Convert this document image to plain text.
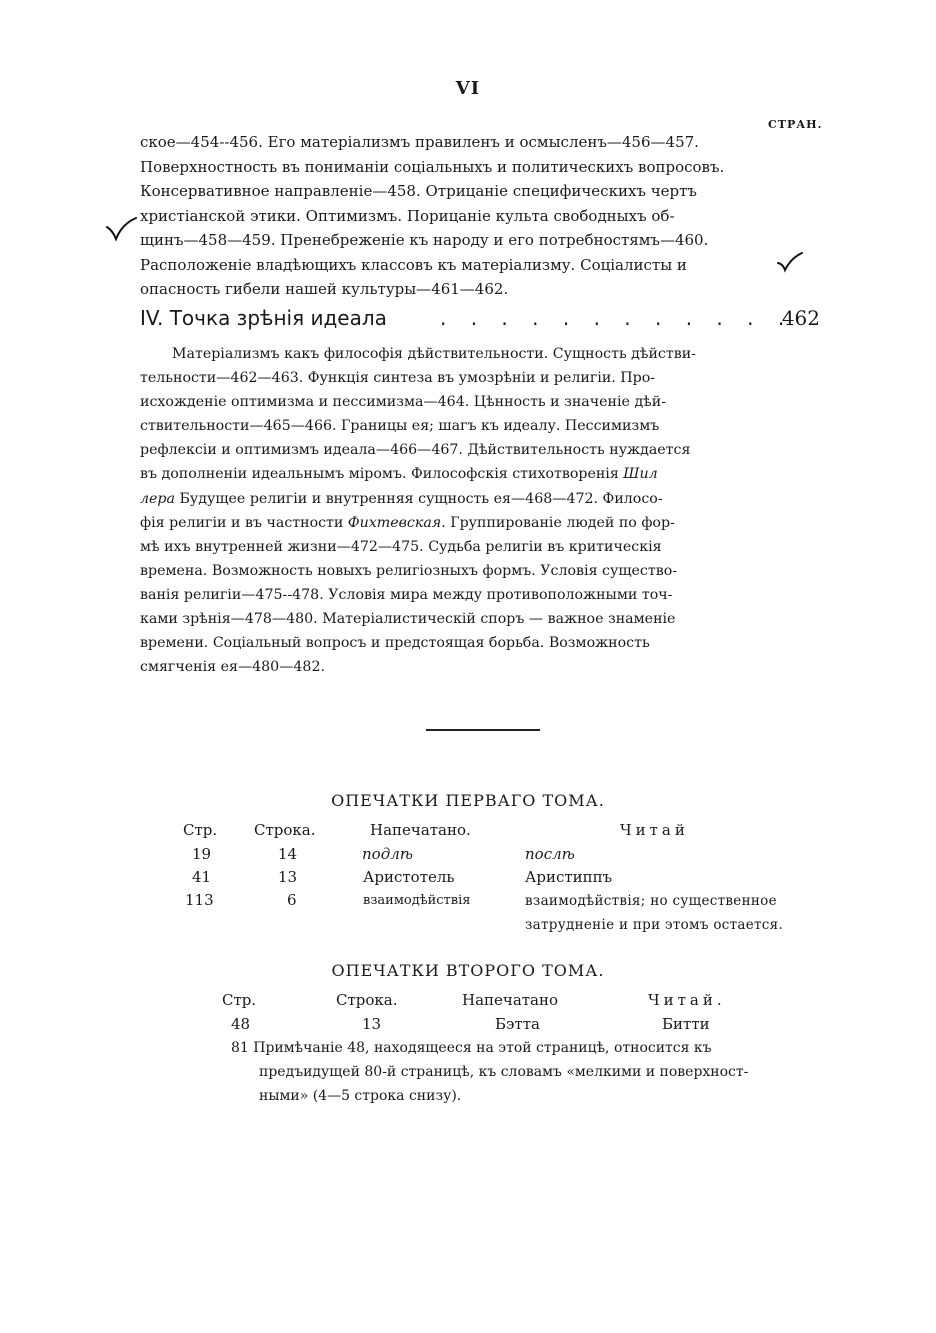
VI
СТРАН.
ское—454--456. Его матеріализмъ правиленъ и осмысленъ—456—457.
Поверхностность въ пониманіи соціальныхъ и политическихъ вопросовъ.
Консервативное направленіе—458. Отрицаніе специфическихъ чертъ
христіанской этики. Оптимизмъ. Порицаніе культа свободныхъ об-
щинъ—458—459. Пренебреженіе къ народу и его потребностямъ—460.
Расположеніе владѣющихъ классовъ къ матеріализму. Соціалисты и
опасность гибели нашей культуры—461—462.
IV. Точка зрѣнія идеала	. . . . . . . . . . . .
462
Матеріализмъ какъ философія дѣйствительности. Сущность дѣйстви-
тельности—462—463. Функція синтеза въ умозрѣніи и религіи. Про-
исхожденіе оптимизма и пессимизма—464. Цѣнность и значеніе дѣй-
ствительности—465—466. Границы ея; шагъ къ идеалу. Пессимизмъ
рефлексіи и оптимизмъ идеала—466—467. Дѣйствительность нуждается
въ дополненіи идеальнымъ міромъ. Философскія стихотворенія Шил
лера Будущее религіи и внутренняя сущность ея—468—472. Филосо-
фія религіи и въ частности Фихтевская. Группированіе людей по фор-
мѣ ихъ внутренней жизни—472—475. Судьба религіи въ критическія
времена. Возможность новыхъ религіозныхъ формъ. Условія существо-
ванія религіи—475--478. Условія мира между противоположными точ-
ками зрѣнія—478—480. Матеріалистическій споръ — важное знаменіе
времени. Соціальный вопросъ и предстоящая борьба. Возможность
смягченія ея—480—482.
ОПЕЧАТКИ ПЕРВАГО ТОМА.
Стр. Строка.	Напечатано.	Читай
19	14	подлѣ	послѣ
41	13	Аристотель	Аристиппъ
113	6	взаимодѣйствія	взаимодѣйствія; но существенное
затрудненіе и при этомъ остается.
ОПЕЧАТКИ ВТОРОГО ТОМА.
Стр.	Строка.	Напечатано	Читай.
48	13	Бэтта	Битти
81 Примѣчаніе 48, находящееся на этой страницѣ, относится къ
предъидущей 80-й страницѣ, къ словамъ «мелкими и поверхност-
ными» (4—5 строка снизу).
